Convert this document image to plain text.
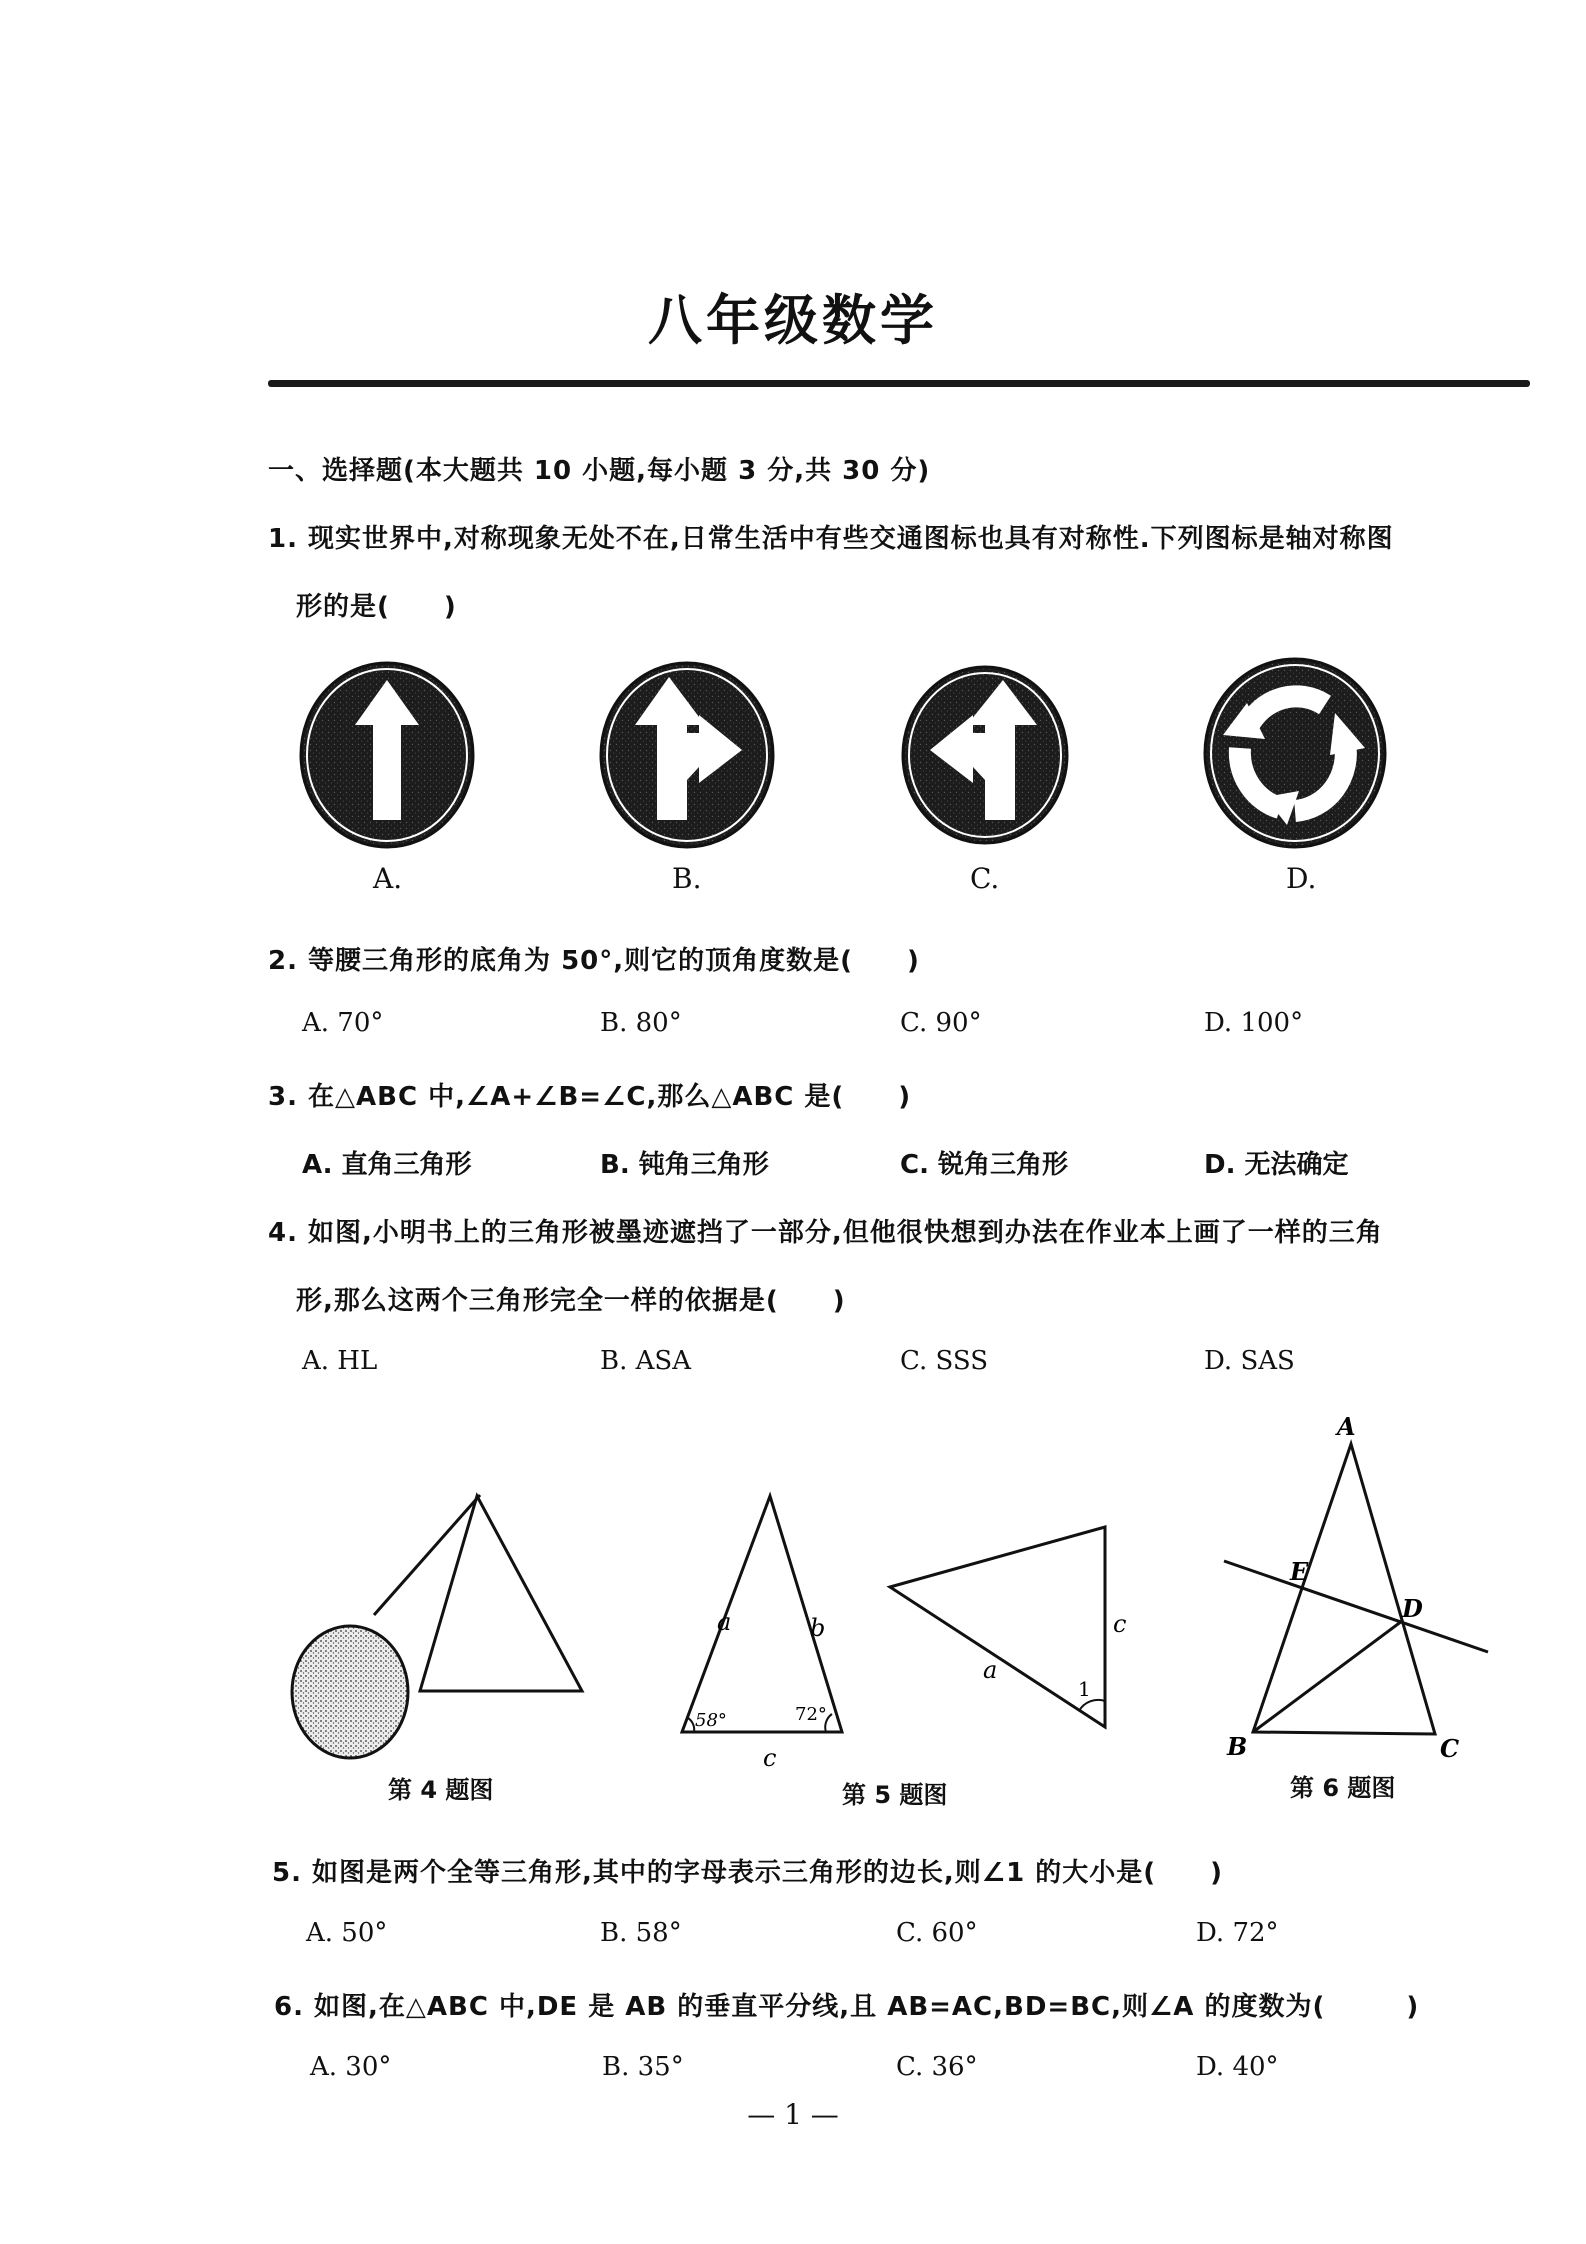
八年级数学
一、选择题(本大题共 10 小题,每小题 3 分,共 30 分)
1. 现实世界中,对称现象无处不在,日常生活中有些交通图标也具有对称性.下列图标是轴对称图
形的是(　　)
A.	B.	C.	D.
2. 等腰三角形的底角为 50°,则它的顶角度数是(　　)
A. 70°	B. 80°	C. 90°	D. 100°
3. 在△ABC 中,∠A+∠B=∠C,那么△ABC 是(　　)
A. 直角三角形	B. 钝角三角形	C. 锐角三角形	D. 无法确定
4. 如图,小明书上的三角形被墨迹遮挡了一部分,但他很快想到办法在作业本上画了一样的三角
形,那么这两个三角形完全一样的依据是(　　)
A. HL	B. ASA	C. SSS	D. SAS
a	b
c
58°	72°
c
a
1
A
E
D
B	C
第 4 题图	第 5 题图	第 6 题图
5. 如图是两个全等三角形,其中的字母表示三角形的边长,则∠1 的大小是(　　)
A. 50°	B. 58°	C. 60°	D. 72°
6. 如图,在△ABC 中,DE 是 AB 的垂直平分线,且 AB=AC,BD=BC,则∠A 的度数为(　　　)
A. 30°	B. 35°	C. 36°	D. 40°
— 1 —
